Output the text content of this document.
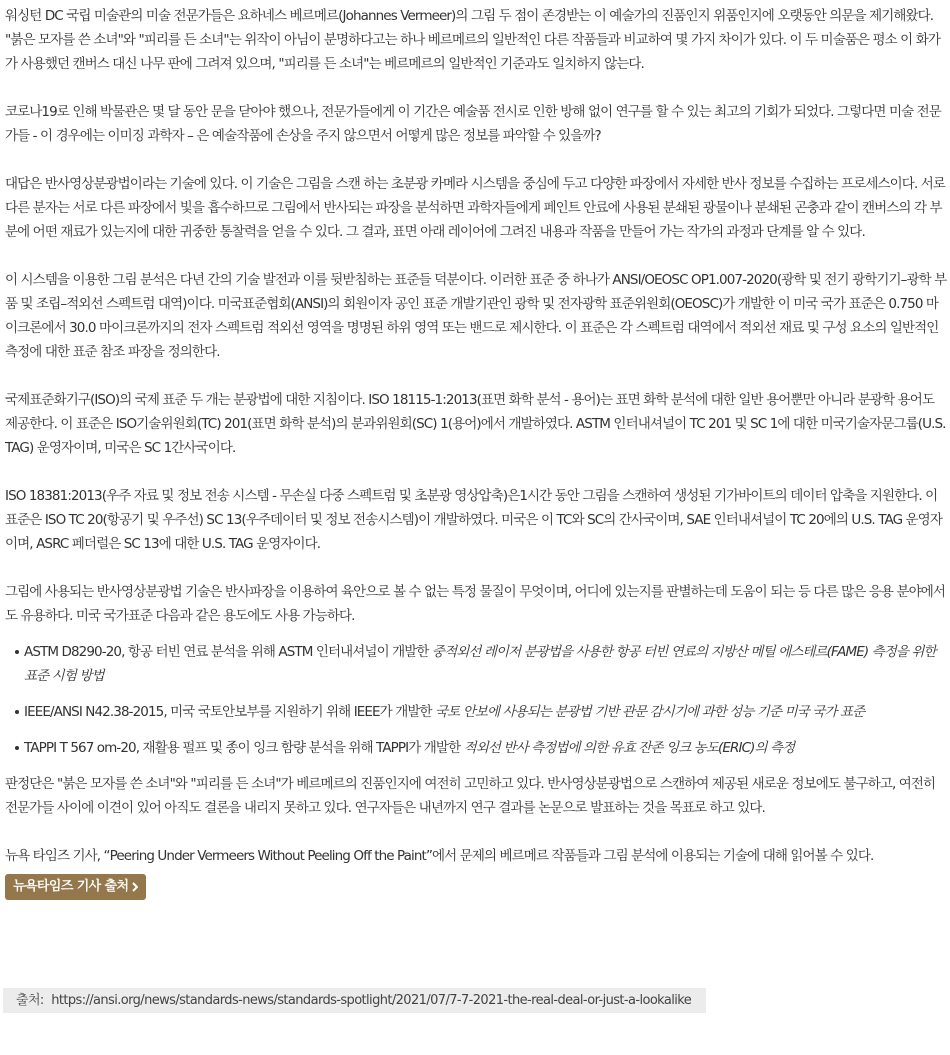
워싱턴 DC 국립 미술관의 미술 전문가들은 요하네스 베르메르(Johannes Vermeer)의 그림 두 점이 존경받는 이 예술가의 진품인지 위품인지에 오랫동안 의문을 제기해왔다. "붉은 모자를 쓴 소녀"와 "피리를 든 소녀"는 위작이 아님이 분명하다고는 하나 베르메르의 일반적인 다른 작품들과 비교하여 몇 가지 차이가 있다. 이 두 미술품은 평소 이 화가가 사용했던 캔버스 대신 나무 판에 그려져 있으며, "피리를 든 소녀"는 베르메르의 일반적인 기준과도 일치하지 않는다.

코로나19로 인해 박물관은 몇 달 동안 문을 닫아야 했으나, 전문가들에게 이 기간은 예술품 전시로 인한 방해 없이 연구를 할 수 있는 최고의 기회가 되었다. 그렇다면 미술 전문가들 - 이 경우에는 이미징 과학자 – 은 예술작품에 손상을 주지 않으면서 어떻게 많은 정보를 파악할 수 있을까?

대답은 반사영상분광법이라는 기술에 있다. 이 기술은 그림을 스캔 하는 초분광 카메라 시스템을 중심에 두고 다양한 파장에서 자세한 반사 정보를 수집하는 프로세스이다. 서로 다른 분자는 서로 다른 파장에서 빛을 흡수하므로 그림에서 반사되는 파장을 분석하면 과학자들에게 페인트 안료에 사용된 분쇄된 광물이나 분쇄된 곤충과 같이 캔버스의 각 부분에 어떤 재료가 있는지에 대한 귀중한 통찰력을 얻을 수 있다. 그 결과, 표면 아래 레이어에 그려진 내용과 작품을 만들어 가는 작가의 과정과 단계를 알 수 있다.

이 시스템을 이용한 그림 분석은 다년 간의 기술 발전과 이를 뒷받침하는 표준들 덕분이다. 이러한 표준 중 하나가 ANSI/OEOSC OP1.007-2020(광학 및 전기 광학기기–광학 부품 및 조립–적외선 스펙트럼 대역)이다. 미국표준협회(ANSI)의 회원이자 공인 표준 개발기관인 광학 및 전자광학 표준위원회(OEOSC)가 개발한 이 미국 국가 표준은 0.750 마이크론에서 30.0 마이크론까지의 전자 스펙트럼 적외선 영역을 명명된 하위 영역 또는 밴드로 제시한다. 이 표준은 각 스펙트럼 대역에서 적외선 재료 및 구성 요소의 일반적인 측정에 대한 표준 참조 파장을 정의한다.

국제표준화기구(ISO)의 국제 표준 두 개는 분광법에 대한 지침이다. ISO 18115-1:2013(표면 화학 분석 - 용어)는 표면 화학 분석에 대한 일반 용어뿐만 아니라 분광학 용어도 제공한다. 이 표준은 ISO기술위원회(TC) 201(표면 화학 분석)의 분과위원회(SC) 1(용어)에서 개발하였다. ASTM 인터내셔널이 TC 201 및 SC 1에 대한 미국기술자문그룹(U.S. TAG) 운영자이며, 미국은 SC 1간사국이다.

ISO 18381:2013(우주 자료 및 정보 전송 시스템 - 무손실 다중 스펙트럼 및 초분광 영상압축)은1시간 동안 그림을 스캔하여 생성된 기가바이트의 데이터 압축을 지원한다. 이 표준은 ISO TC 20(항공기 및 우주선) SC 13(우주데이터 및 정보 전송시스템)이 개발하였다. 미국은 이 TC와 SC의 간사국이며, SAE 인터내셔널이 TC 20에의 U.S. TAG 운영자이며, ASRC 페더럴은 SC 13에 대한 U.S. TAG 운영자이다.

그림에 사용되는 반사영상분광법 기술은 반사파장을 이용하여 육안으로 볼 수 없는 특정 물질이 무엇이며, 어디에 있는지를 판별하는데 도움이 되는 등 다른 많은 응용 분야에서도 유용하다. 미국 국가표준 다음과 같은 용도에도 사용 가능하다.

ASTM D8290-20, 항공 터빈 연료 분석을 위해 ASTM 인터내셔널이 개발한 중적외선 레이저 분광법을 사용한 항공 터빈 연료의 지방산 메틸 에스테르(FAME) 측정을 위한 표준 시험 방법
IEEE/ANSI N42.38-2015, 미국 국토안보부를 지원하기 위해 IEEE가 개발한 국토 안보에 사용되는 분광법 기반 관문 감시기에 과한 성능 기준 미국 국가 표준
TAPPI T 567 om-20, 재활용 펄프 및 종이 잉크 함량 분석을 위해 TAPPI가 개발한 적외선 반사 측정법에 의한 유효 잔존 잉크 농도(ERIC)의 측정

판정단은 "붉은 모자를 쓴 소녀"와 "피리를 든 소녀"가 베르메르의 진품인지에 여전히 고민하고 있다. 반사영상분광법으로 스캔하여 제공된 새로운 정보에도 불구하고, 여전히 전문가들 사이에 이견이 있어 아직도 결론을 내리지 못하고 있다. 연구자들은 내년까지 연구 결과를 논문으로 발표하는 것을 목표로 하고 있다.

뉴욕 타임즈 기사, “Peering Under Vermeers Without Peeling Off the Paint”에서 문제의 베르메르 작품들과 그림 분석에 이용되는 기술에 대해 읽어볼 수 있다.

뉴욕타임즈 기사 출처
출처: https://ansi.org/news/standards-news/standards-spotlight/2021/07/7-7-2021-the-real-deal-or-just-a-lookalike
